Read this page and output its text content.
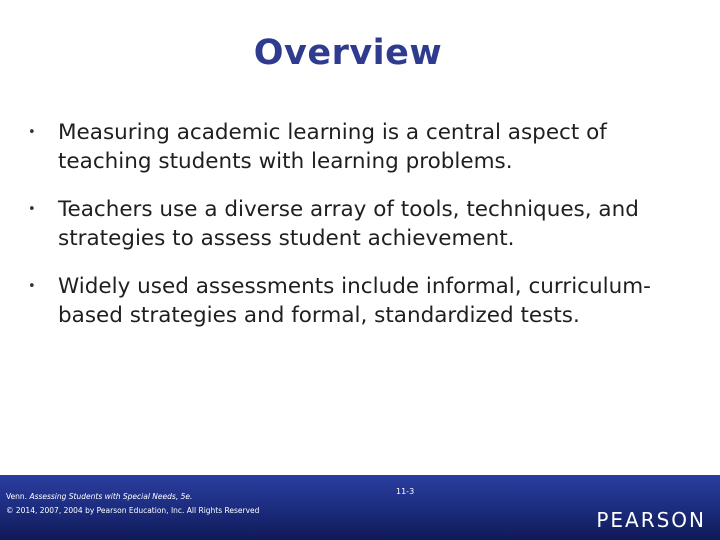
Overview
• Measuring academic learning is a central aspect of teaching students with learning problems.
• Teachers use a diverse array of tools, techniques, and strategies to assess student achievement.
• Widely used assessments include informal, curriculum-based strategies and formal, standardized tests.
Venn. Assessing Students with Special Needs, 5e.
© 2014, 2007, 2004 by Pearson Education, Inc. All Rights Reserved
11-3
PEARSON
